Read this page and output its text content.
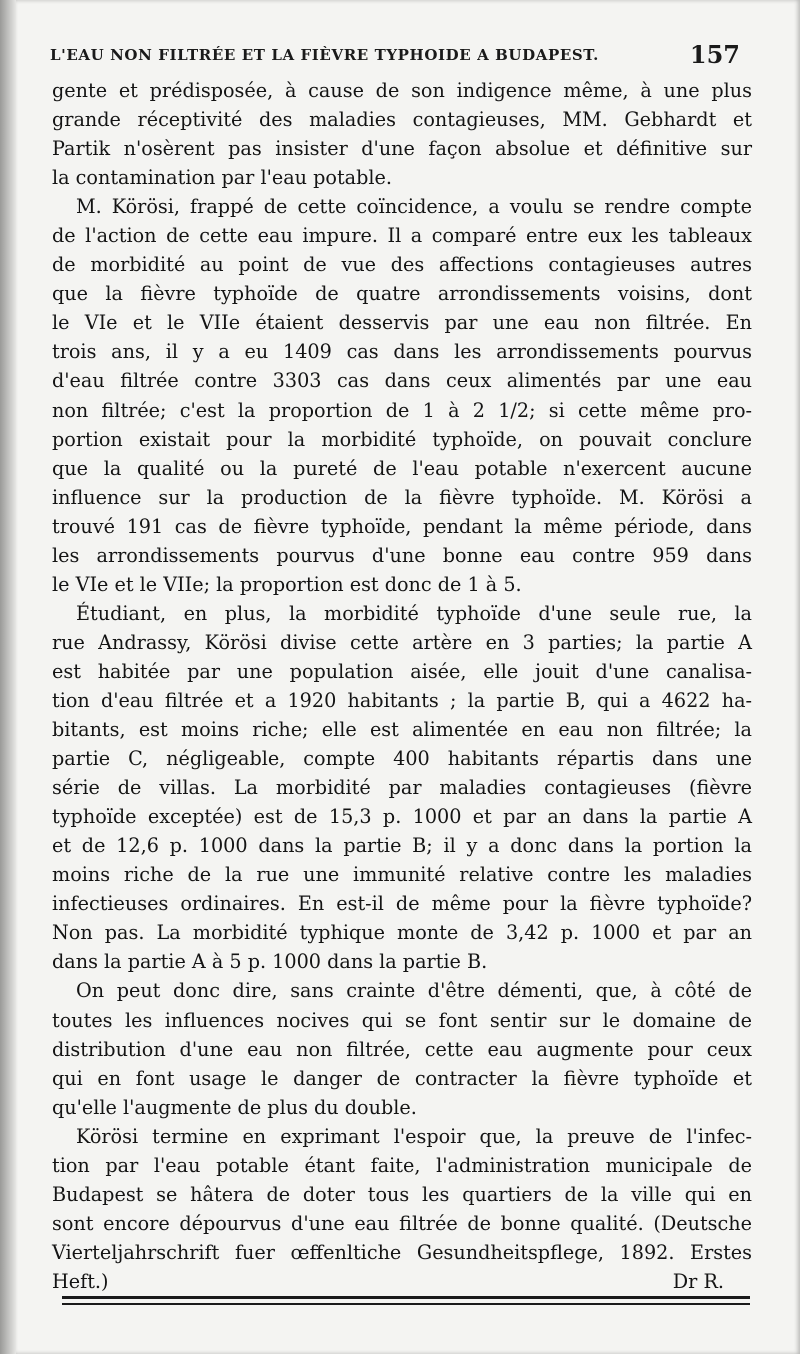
L'EAU NON FILTRÉE ET LA FIÈVRE TYPHOIDE A BUDAPEST.	157

gente et prédisposée, à cause de son indigence même, à une plus
grande réceptivité des maladies contagieuses, MM. Gebhardt et
Partik n'osèrent pas insister d'une façon absolue et définitive sur
la contamination par l'eau potable.

M. Körösi, frappé de cette coïncidence, a voulu se rendre compte
de l'action de cette eau impure. Il a comparé entre eux les tableaux
de morbidité au point de vue des affections contagieuses autres
que la fièvre typhoïde de quatre arrondissements voisins, dont
le VIe et le VIIe étaient desservis par une eau non filtrée. En
trois ans, il y a eu 1409 cas dans les arrondissements pourvus
d'eau filtrée contre 3303 cas dans ceux alimentés par une eau
non filtrée; c'est la proportion de 1 à 2 1/2; si cette même pro-
portion existait pour la morbidité typhoïde, on pouvait conclure
que la qualité ou la pureté de l'eau potable n'exercent aucune
influence sur la production de la fièvre typhoïde. M. Körösi a
trouvé 191 cas de fièvre typhoïde, pendant la même période, dans
les arrondissements pourvus d'une bonne eau contre 959 dans
le VIe et le VIIe; la proportion est donc de 1 à 5.

Étudiant, en plus, la morbidité typhoïde d'une seule rue, la
rue Andrassy, Körösi divise cette artère en 3 parties; la partie A
est habitée par une population aisée, elle jouit d'une canalisa-
tion d'eau filtrée et a 1920 habitants ; la partie B, qui a 4622 ha-
bitants, est moins riche; elle est alimentée en eau non filtrée; la
partie C, négligeable, compte 400 habitants répartis dans une
série de villas. La morbidité par maladies contagieuses (fièvre
typhoïde exceptée) est de 15,3 p. 1000 et par an dans la partie A
et de 12,6 p. 1000 dans la partie B; il y a donc dans la portion la
moins riche de la rue une immunité relative contre les maladies
infectieuses ordinaires. En est-il de même pour la fièvre typhoïde?
Non pas. La morbidité typhique monte de 3,42 p. 1000 et par an
dans la partie A à 5 p. 1000 dans la partie B.

On peut donc dire, sans crainte d'être démenti, que, à côté de
toutes les influences nocives qui se font sentir sur le domaine de
distribution d'une eau non filtrée, cette eau augmente pour ceux
qui en font usage le danger de contracter la fièvre typhoïde et
qu'elle l'augmente de plus du double.

Körösi termine en exprimant l'espoir que, la preuve de l'infec-
tion par l'eau potable étant faite, l'administration municipale de
Budapest se hâtera de doter tous les quartiers de la ville qui en
sont encore dépourvus d'une eau filtrée de bonne qualité. (Deutsche
Vierteljahrschrift fuer œffenltiche Gesundheitspflege, 1892. Erstes
Heft.)	Dr R.
